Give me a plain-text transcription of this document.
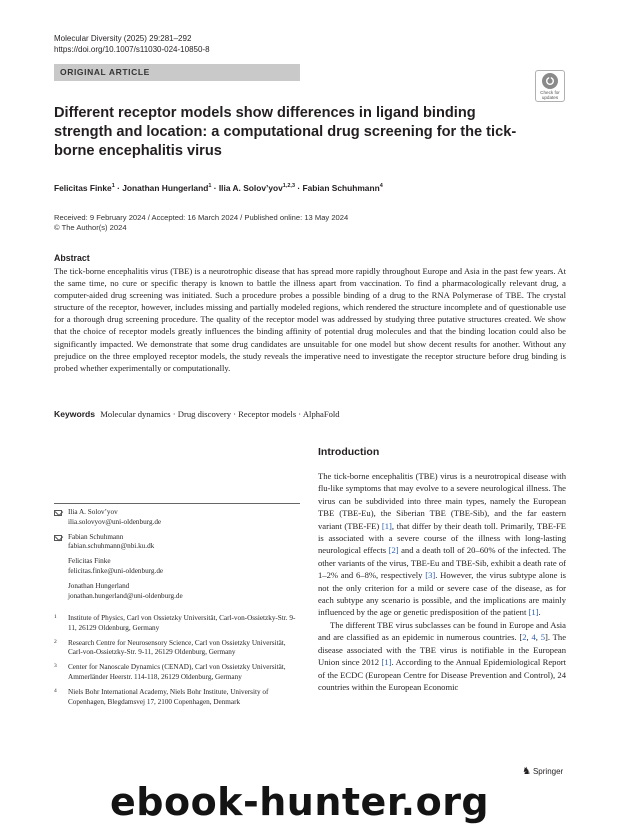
Molecular Diversity (2025) 29:281–292
https://doi.org/10.1007/s11030-024-10850-8
ORIGINAL ARTICLE
Check for updates
Different receptor models show differences in ligand binding strength and location: a computational drug screening for the tick-borne encephalitis virus
Felicitas Finke$^1$ · Jonathan Hungerland$^1$ · Ilia A. Solov’yov$^{1,2,3}$ · Fabian Schuhmann$^4$
Received: 9 February 2024 / Accepted: 16 March 2024 / Published online: 13 May 2024
© The Author(s) 2024
Abstract

The tick-borne encephalitis virus (TBE) is a neurotrophic disease that has spread more rapidly throughout Europe and Asia in the past few years. At the same time, no cure or specific therapy is known to battle the illness apart from vaccination. To find a pharmacologically relevant drug, a computer-aided drug screening was initiated. Such a procedure probes a possible binding of a drug to the RNA Polymerase of TBE. The crystal structure of the receptor, however, includes missing and partially modeled regions, which rendered the structure incomplete and of questionable use for a thorough drug screening procedure. The quality of the receptor model was addressed by studying three putative structures created. We show that the choice of receptor models greatly influences the binding affinity of potential drug molecules and that the binding location could also be significantly impacted. We demonstrate that some drug candidates are unsuitable for one model but show decent results for another. Without any prejudice on the three employed receptor models, the study reveals the imperative need to investigate the receptor structure before drug binding is probed whether experimentally or computationally.

Keywords Molecular dynamics · Drug discovery · Receptor models · AlphaFold
Introduction

The tick-borne encephalitis (TBE) virus is a neurotropical disease with flu-like symptoms that may evolve to a severe neurological illness. The virus can be subdivided into three main types, namely the European TBE (TBE-Eu), the Siberian TBE (TBE-Sib), and the far eastern variant (TBE-FE) [1], that differ by their death toll. Primarily, TBE-FE is associated with a severe course of the illness with long-lasting neurological effects [2] and a death toll of 20–60% of the infected. The other variants of the virus, TBE-Eu and TBE-Sib, exhibit a death rate of 1–2% and 6–8%, respectively [3]. However, the virus subtype alone is not the only criterion for a mild or severe case of the disease, as for each subtype any scenario is possible, and the implications are mainly influenced by the age or genetic predisposition of the patient [1].

The different TBE virus subclasses can be found in Europe and Asia and are classified as an epidemic in numerous countries. [2, 4, 5]. The disease associated with the TBE virus is notifiable in the European Union since 2012 [1]. According to the Annual Epidemiological Report of the ECDC (European Centre for Disease Prevention and Control), 24 countries within the European Economic

Ilia A. Solov’yov
ilia.solovyov@uni-oldenburg.de
Fabian Schuhmann
fabian.schuhmann@nbi.ku.dk
Felicitas Finke
felicitas.finke@uni-oldenburg.de
Jonathan Hungerland
jonathan.hungerland@uni-oldenburg.de
1 Institute of Physics, Carl von Ossietzky Universität, Carl-von-Ossietzky-Str. 9-11, 26129 Oldenburg, Germany
2 Research Centre for Neurosensory Science, Carl von Ossietzky Universität, Carl-von-Ossietzky-Str. 9-11, 26129 Oldenburg, Germany
3 Center for Nanoscale Dynamics (CENAD), Carl von Ossietzky Universität, Ammerländer Heerstr. 114-118, 26129 Oldenburg, Germany
4 Niels Bohr International Academy, Niels Bohr Institute, University of Copenhagen, Blegdamsvej 17, 2100 Copenhagen, Denmark
♞ Springer
ebook-hunter.org
